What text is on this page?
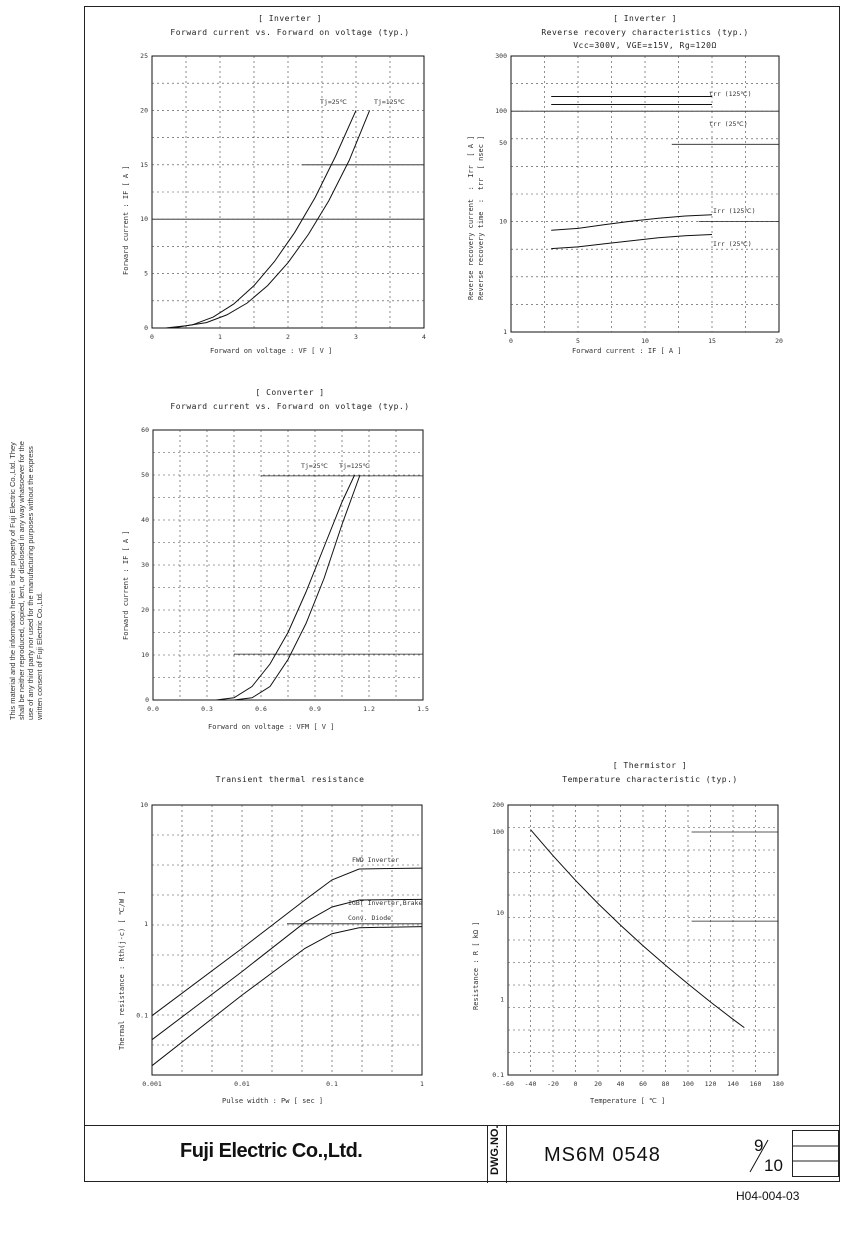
This material and the information herein is the property of Fuji Electric Co.,Ltd. They shall be neither reproduced, copied, lent, or disclosed in any way whatsoever for the use of any third party nor used for the manufacturing purposes without the express written consent of Fuji Electric Co.,Ltd.
[ Inverter ]
Forward current vs. Forward on voltage (typ.)
0	1	2	3	4
0
5
10
15
20
25
Tj=25℃	Tj=125℃
Forward on voltage : VF [ V ]
Forward current : IF [ A ]
[ Inverter ]
Reverse recovery characteristics (typ.)
Vcc=300V, VGE=±15V, Rg=120Ω
0	5	10	15	20
1
10
100
300
trr (125℃)
trr (25℃)
Irr (125℃)
Irr (25℃)
50
Forward current : IF [ A ]
Reverse recovery current  :  Irr  [ A ]
Reverse recovery time  :  trr  [ nsec ]
[ Converter ]
Forward current vs. Forward on voltage (typ.)
0.0	0.3	0.6	0.9	1.2	1.5
0
10
20
30
40
50
60
Tj=25℃ Tj=125℃
Forward on voltage : VFM [ V ]
Forward current : IF [ A ]
Transient thermal resistance
0.001	0.01	0.1	1
0.1
1
10
FWD Inverter
IGBT Inverter,Brake
Conv. Diode
Pulse width : Pw [ sec ]
Thermal resistance : Rth(j-c) [ ℃/W ]
[ Thermistor ]
Temperature characteristic (typ.)
-60 -40 -20 0	20 40 60 80 100 120 140 160 180
0.1
1
10
100
200
Temperature [ ℃ ]
Resistance : R [ kΩ ]
Fuji Electric Co.,Ltd.	DWG.NO. MS6M 0548	9
10
H04-004-03
